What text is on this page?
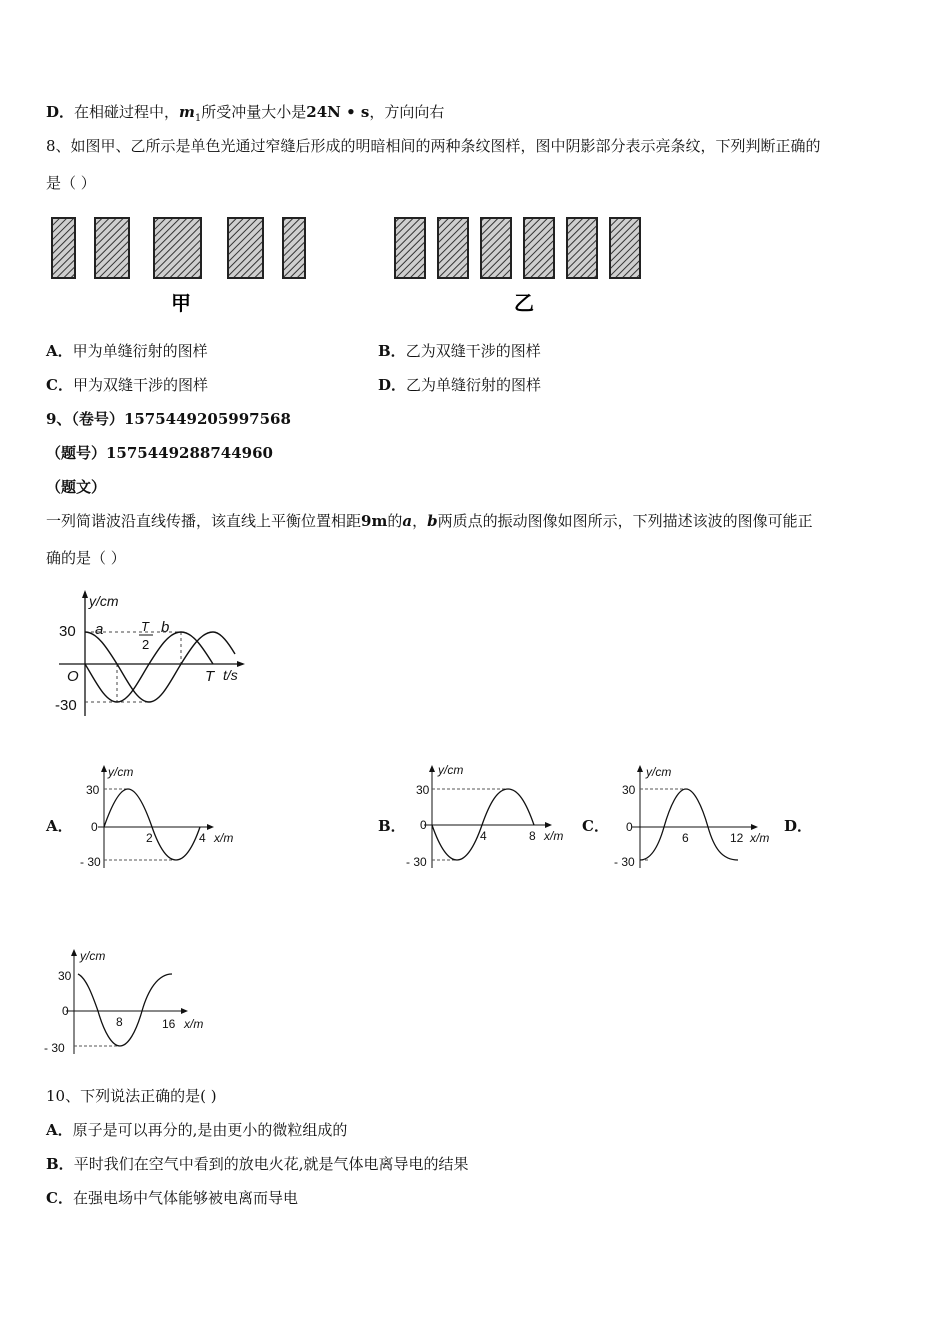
D．在相碰过程中，$m_1$所受冲量大小是24N • s，方向向右
8、如图甲、乙所示是单色光通过窄缝后形成的明暗相间的两种条纹图样，图中阴影部分表示亮条纹，下列判断正确的
是（ ）
甲	乙
A．甲为单缝衍射的图样	B．乙为双缝干涉的图样
C．甲为双缝干涉的图样	D．乙为单缝衍射的图样
9、（卷号）1575449205997568
（题号）1575449288744960
（题文）
一列简谐波沿直线传播，该直线上平衡位置相距9m的a，b两质点的振动图像如图所示，下列描述该波的图像可能正
确的是（ ）
y/cm
30
-30
O	t/s
T
a	b
T
2
A．
y/cm
30
- 30
0
2	4 x/m
B．
y/cm
30
- 30
0
4	8 x/m
C．
y/cm
30
- 30
0
6	12 x/m
D．
y/cm
30
- 30
0
8	16 x/m
10、下列说法正确的是( )
A．原子是可以再分的,是由更小的微粒组成的
B．平时我们在空气中看到的放电火花,就是气体电离导电的结果
C．在强电场中气体能够被电离而导电
